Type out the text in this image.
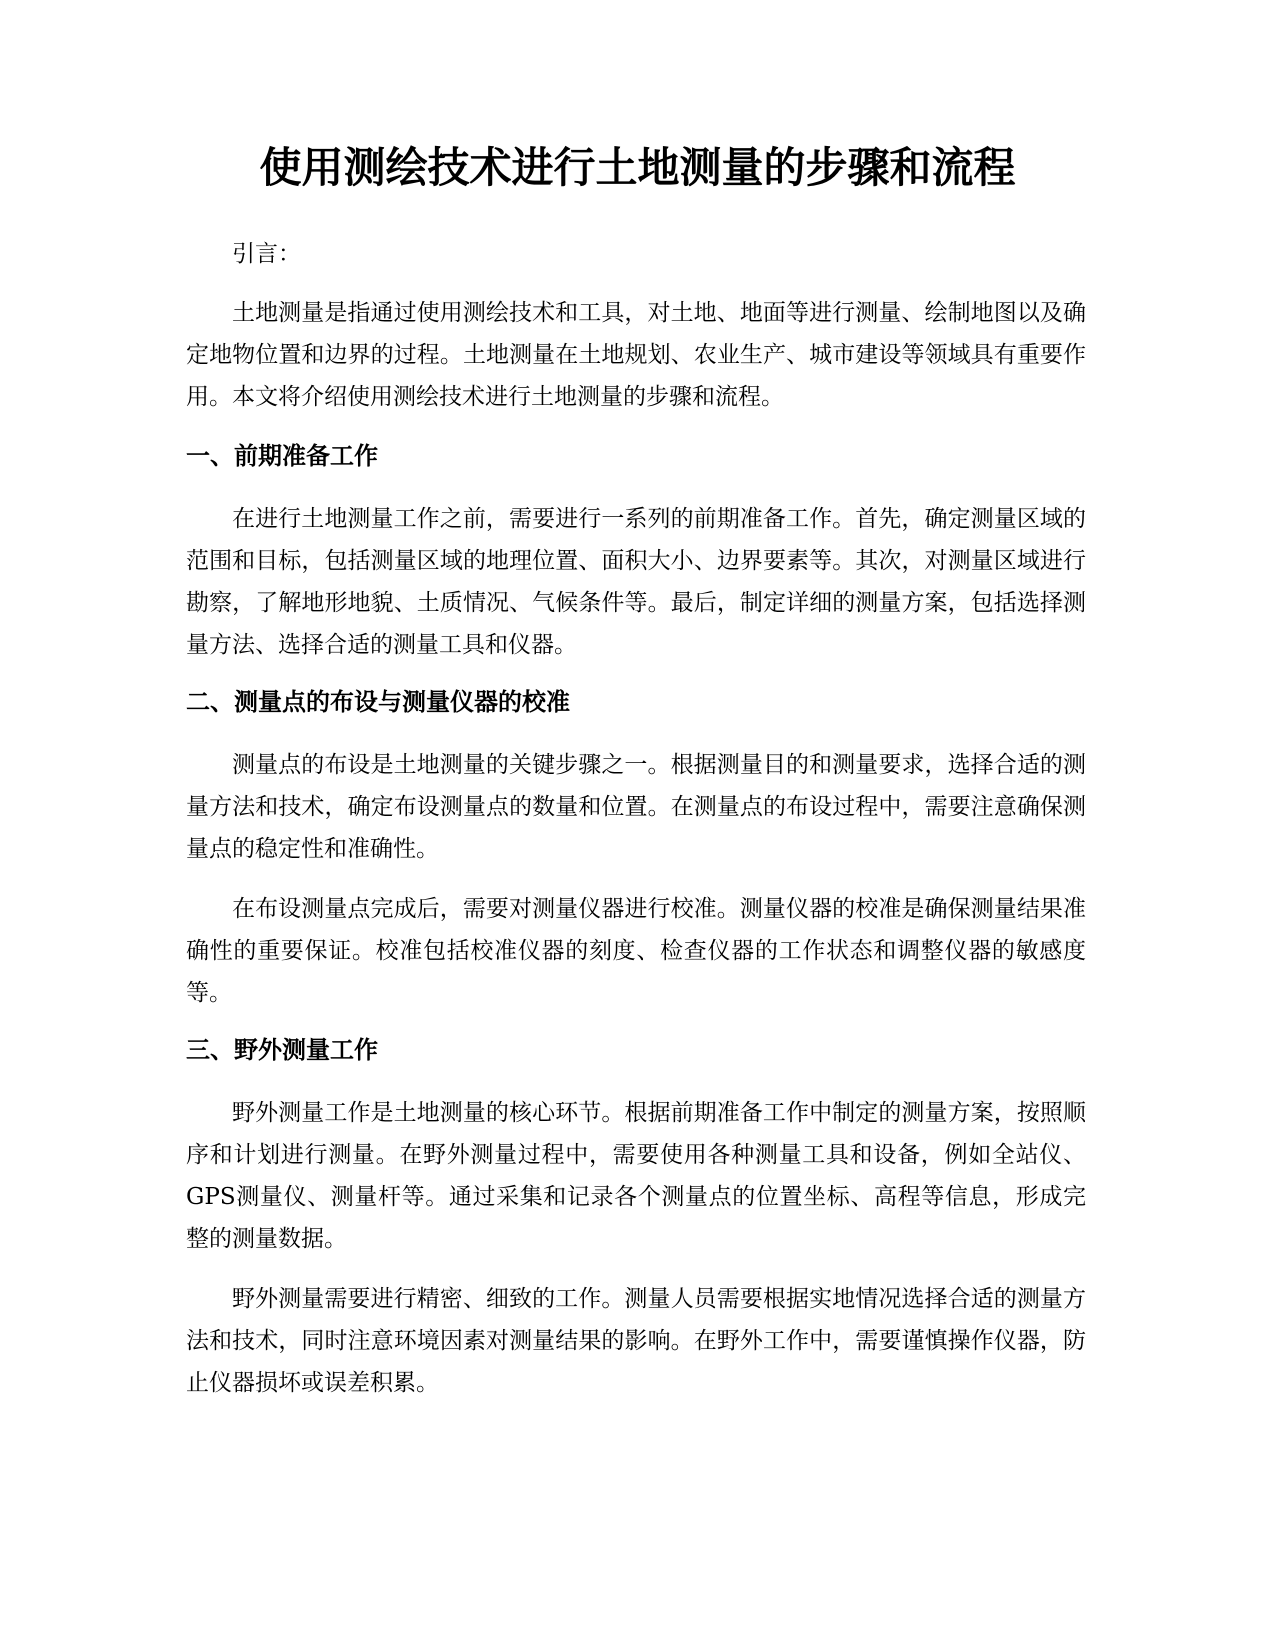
使用测绘技术进行土地测量的步骤和流程
引言：
土地测量是指通过使用测绘技术和工具，对土地、地面等进行测量、绘制地图以及确定地物位置和边界的过程。土地测量在土地规划、农业生产、城市建设等领域具有重要作用。本文将介绍使用测绘技术进行土地测量的步骤和流程。
一、前期准备工作
在进行土地测量工作之前，需要进行一系列的前期准备工作。首先，确定测量区域的范围和目标，包括测量区域的地理位置、面积大小、边界要素等。其次，对测量区域进行勘察，了解地形地貌、土质情况、气候条件等。最后，制定详细的测量方案，包括选择测量方法、选择合适的测量工具和仪器。
二、测量点的布设与测量仪器的校准
测量点的布设是土地测量的关键步骤之一。根据测量目的和测量要求，选择合适的测量方法和技术，确定布设测量点的数量和位置。在测量点的布设过程中，需要注意确保测量点的稳定性和准确性。
在布设测量点完成后，需要对测量仪器进行校准。测量仪器的校准是确保测量结果准确性的重要保证。校准包括校准仪器的刻度、检查仪器的工作状态和调整仪器的敏感度等。
三、野外测量工作
野外测量工作是土地测量的核心环节。根据前期准备工作中制定的测量方案，按照顺序和计划进行测量。在野外测量过程中，需要使用各种测量工具和设备，例如全站仪、GPS测量仪、测量杆等。通过采集和记录各个测量点的位置坐标、高程等信息，形成完整的测量数据。
野外测量需要进行精密、细致的工作。测量人员需要根据实地情况选择合适的测量方法和技术，同时注意环境因素对测量结果的影响。在野外工作中，需要谨慎操作仪器，防止仪器损坏或误差积累。
